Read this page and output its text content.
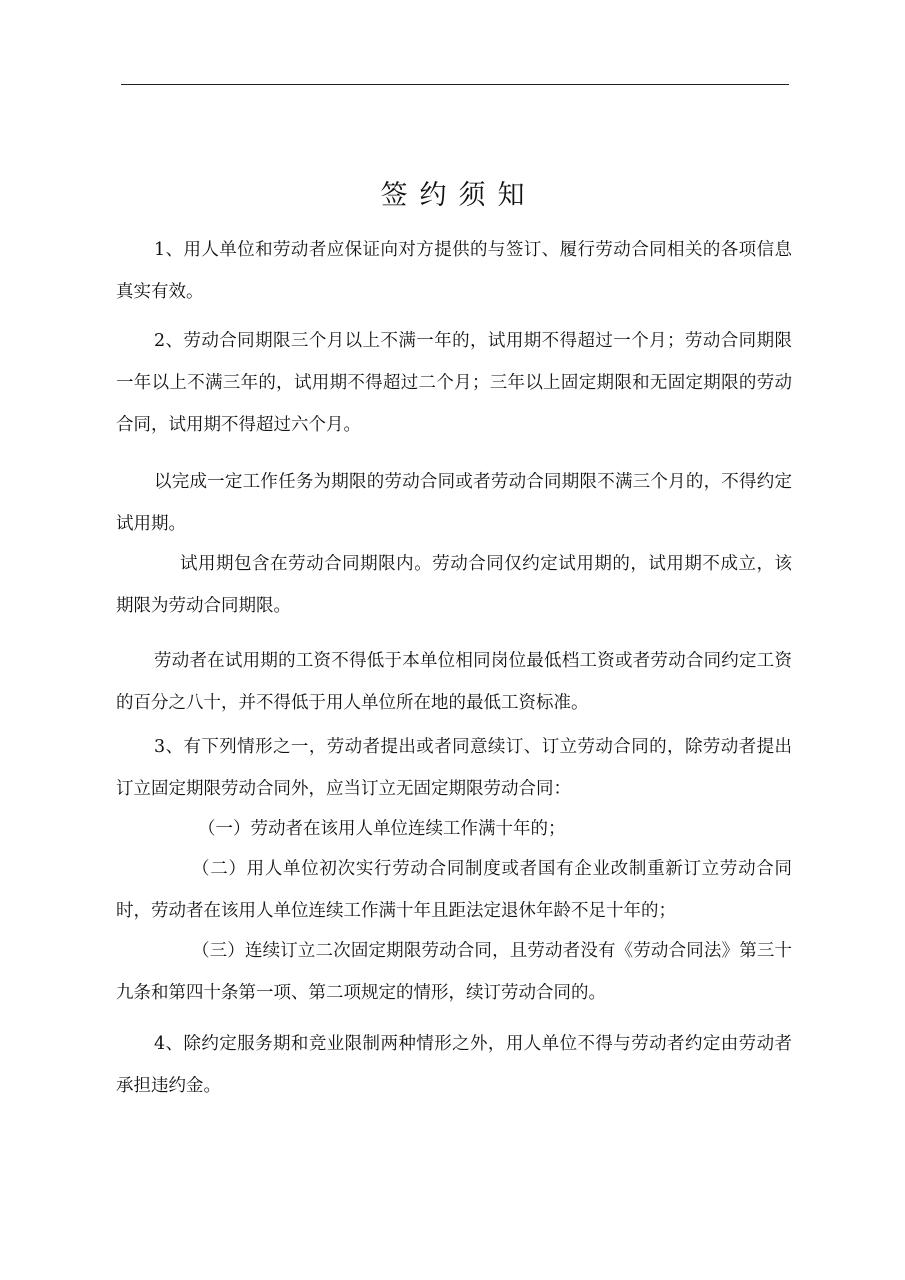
签约须知

1、用人单位和劳动者应保证向对方提供的与签订、履行劳动合同相关的各项信息真实有效。

2、劳动合同期限三个月以上不满一年的，试用期不得超过一个月；劳动合同期限一年以上不满三年的，试用期不得超过二个月；三年以上固定期限和无固定期限的劳动合同，试用期不得超过六个月。

以完成一定工作任务为期限的劳动合同或者劳动合同期限不满三个月的，不得约定试用期。

试用期包含在劳动合同期限内。劳动合同仅约定试用期的，试用期不成立，该期限为劳动合同期限。

劳动者在试用期的工资不得低于本单位相同岗位最低档工资或者劳动合同约定工资的百分之八十，并不得低于用人单位所在地的最低工资标准。

3、有下列情形之一，劳动者提出或者同意续订、订立劳动合同的，除劳动者提出订立固定期限劳动合同外，应当订立无固定期限劳动合同：

（一）劳动者在该用人单位连续工作满十年的；

（二）用人单位初次实行劳动合同制度或者国有企业改制重新订立劳动合同时，劳动者在该用人单位连续工作满十年且距法定退休年龄不足十年的；

（三）连续订立二次固定期限劳动合同，且劳动者没有《劳动合同法》第三十九条和第四十条第一项、第二项规定的情形，续订劳动合同的。

4、除约定服务期和竞业限制两种情形之外，用人单位不得与劳动者约定由劳动者承担违约金。
